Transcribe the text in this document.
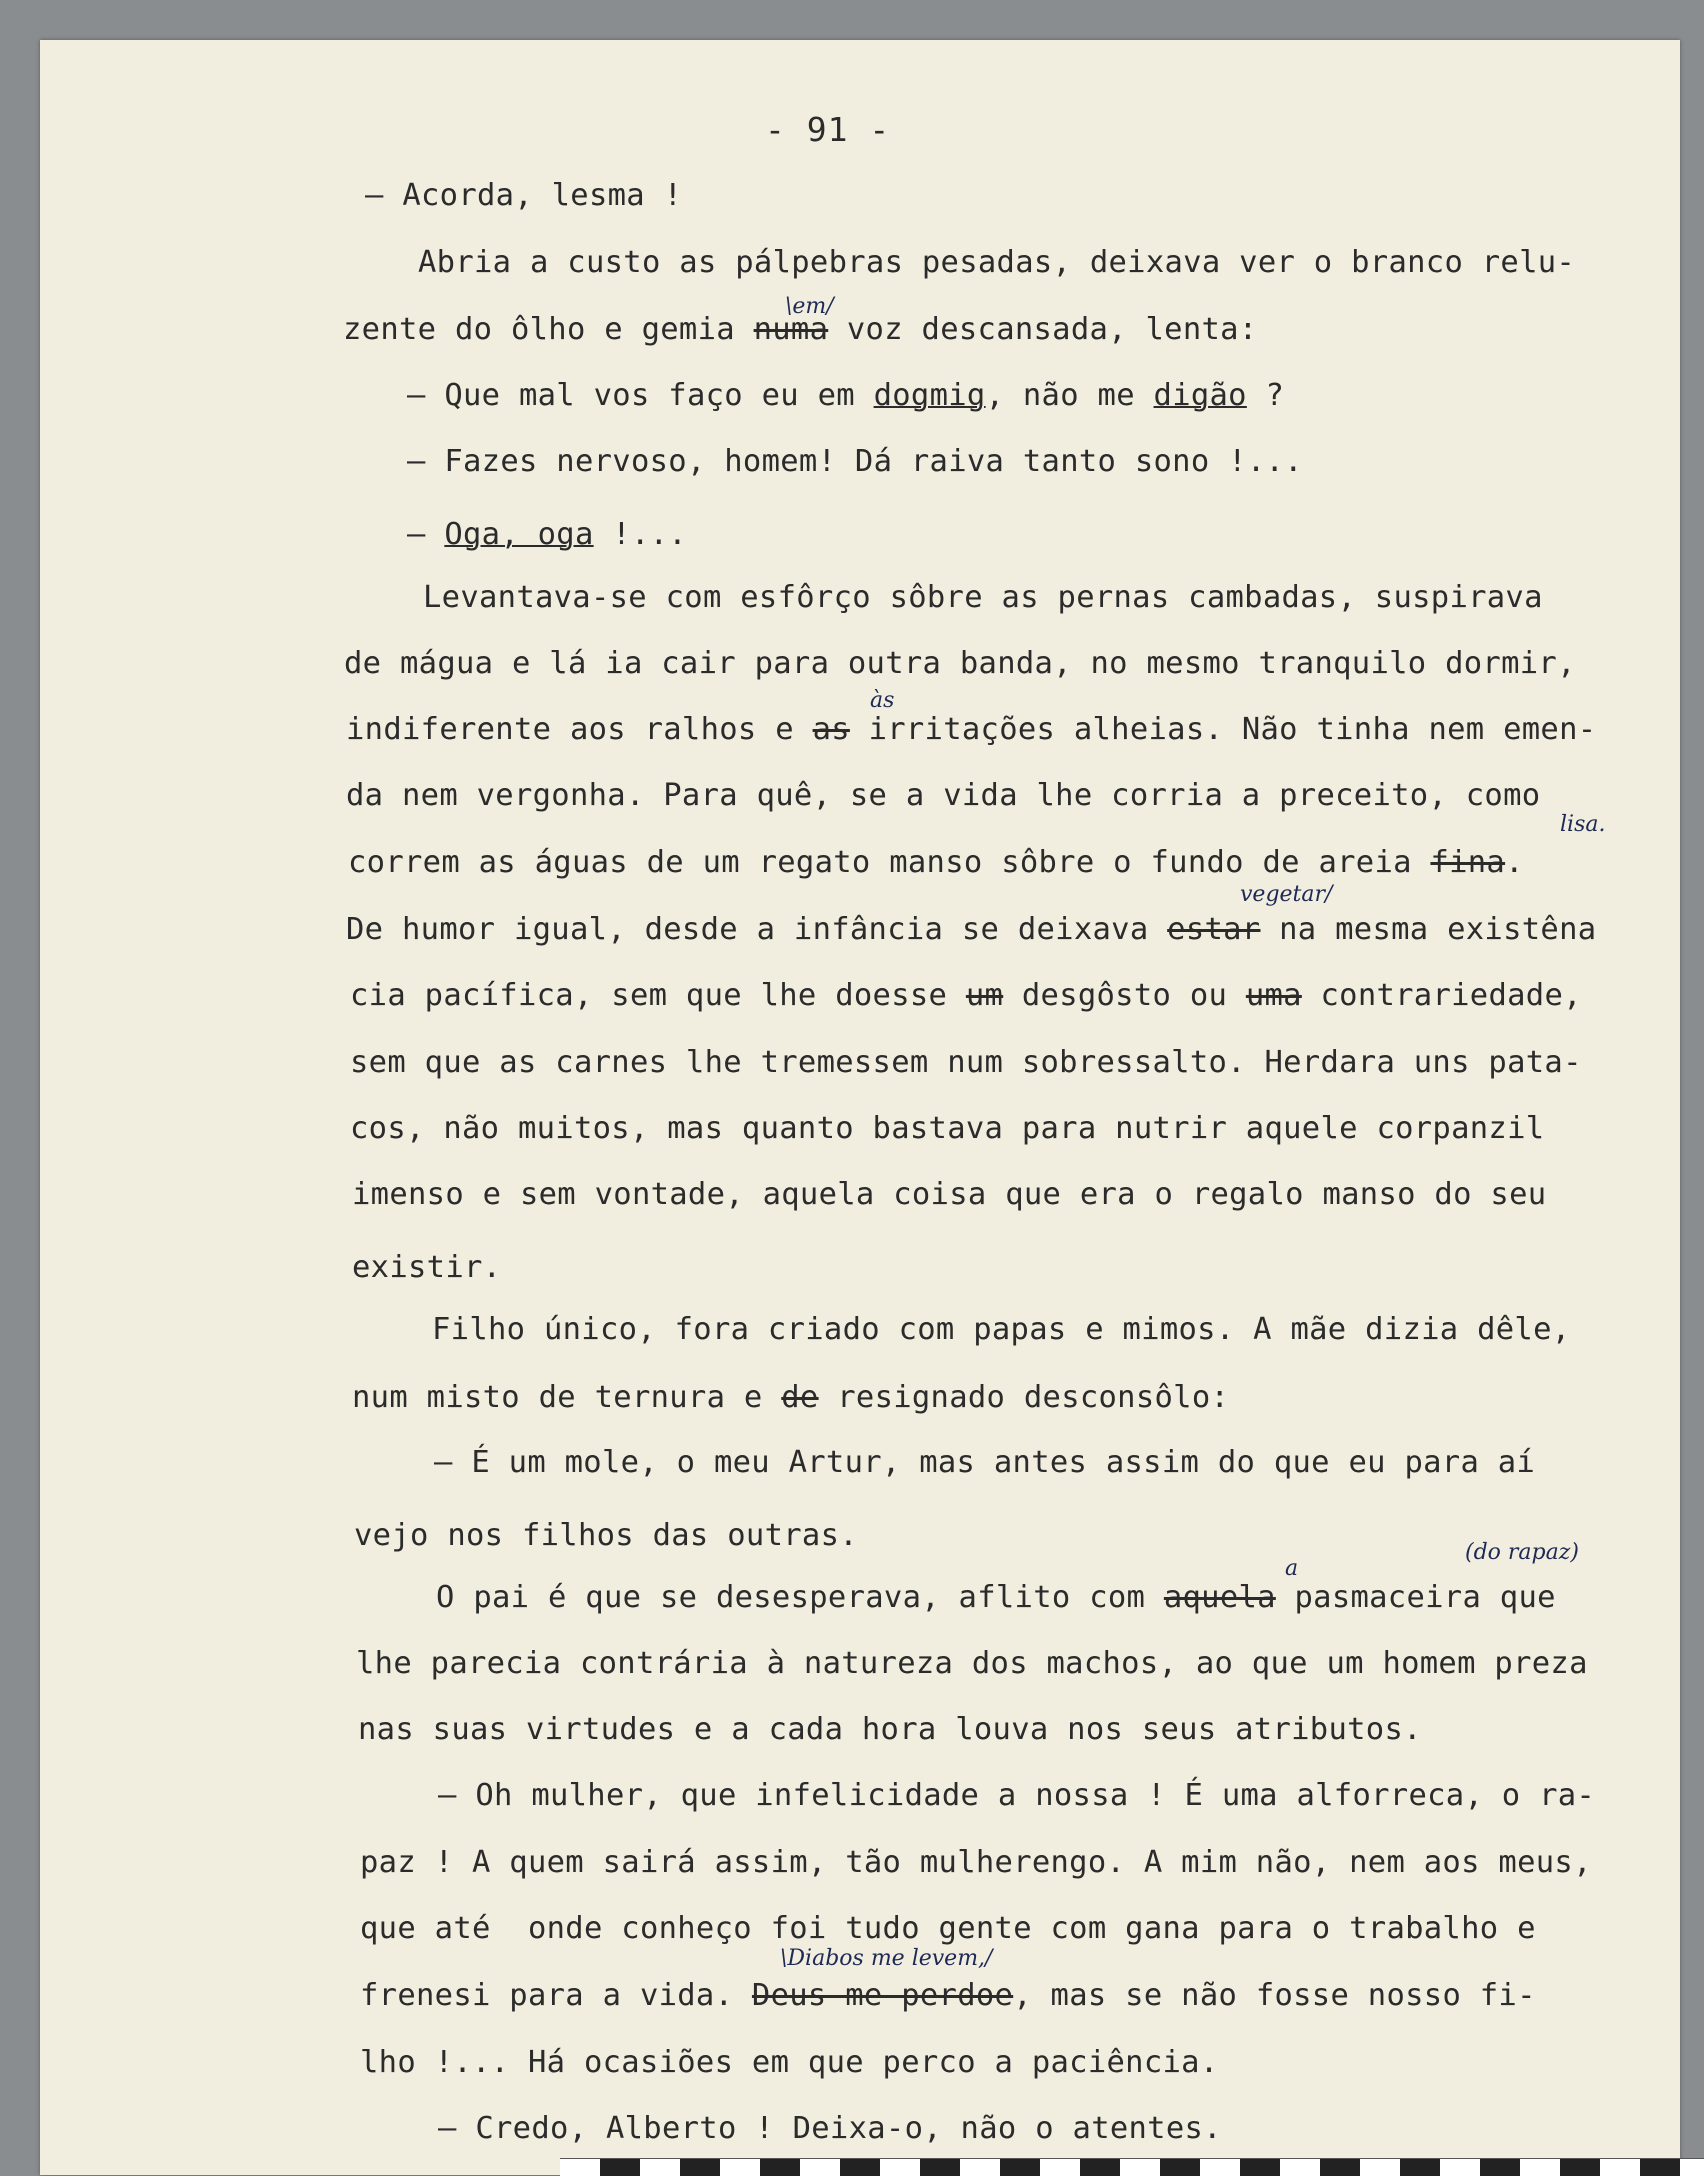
- 91 -
— Acorda, lesma !
Abria a custo as pálpebras pesadas, deixava ver o branco relu-
\em/
zente do ôlho e gemia numa voz descansada, lenta:
— Que mal vos faço eu em dogmig, não me digão ?
— Fazes nervoso, homem! Dá raiva tanto sono !...
— Oga, oga !...
Levantava-se com esfôrço sôbre as pernas cambadas, suspirava
de mágua e lá ia cair para outra banda, no mesmo tranquilo dormir,
às
indiferente aos ralhos e as irritações alheias. Não tinha nem emen-
da nem vergonha. Para quê, se a vida lhe corria a preceito, como
lisa.
correm as águas de um regato manso sôbre o fundo de areia fina.
vegetar/
De humor igual, desde a infância se deixava estar na mesma existêna
cia pacífica, sem que lhe doesse um desgôsto ou uma contrariedade,
sem que as carnes lhe tremessem num sobressalto. Herdara uns pata-
cos, não muitos, mas quanto bastava para nutrir aquele corpanzil
imenso e sem vontade, aquela coisa que era o regalo manso do seu
existir.
Filho único, fora criado com papas e mimos. A mãe dizia dêle,
num misto de ternura e de resignado desconsôlo:
— É um mole, o meu Artur, mas antes assim do que eu para aí
vejo nos filhos das outras.
a
(do rapaz)
O pai é que se desesperava, aflito com aquela pasmaceira que
lhe parecia contrária à natureza dos machos, ao que um homem preza
nas suas virtudes e a cada hora louva nos seus atributos.
— Oh mulher, que infelicidade a nossa ! É uma alforreca, o ra-
paz ! A quem sairá assim, tão mulherengo. A mim não, nem aos meus,
que até  onde conheço foi tudo gente com gana para o trabalho e
\Diabos me levem,/
frenesi para a vida. Deus me perdoe, mas se não fosse nosso fi-
lho !... Há ocasiões em que perco a paciência.
— Credo, Alberto ! Deixa-o, não o atentes.
